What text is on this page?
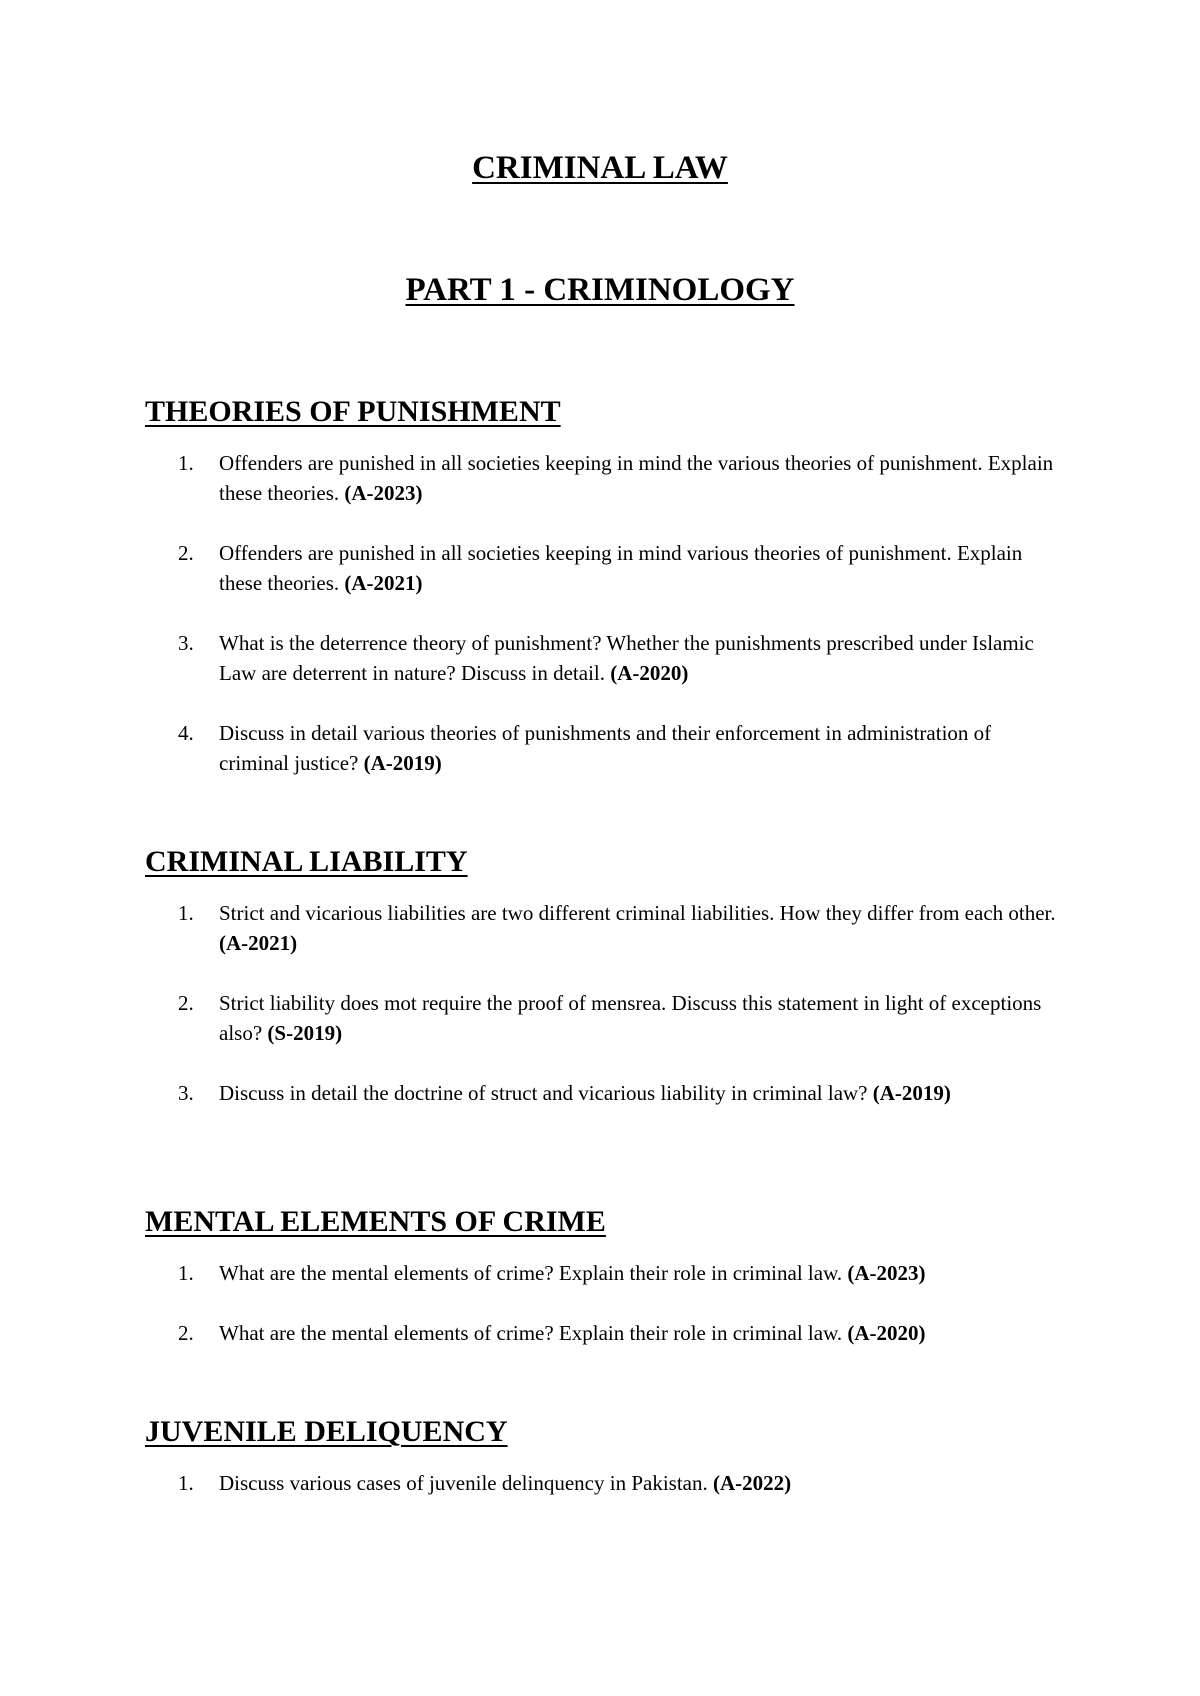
CRIMINAL LAW
PART 1 - CRIMINOLOGY
THEORIES OF PUNISHMENT
1.	Offenders are punished in all societies keeping in mind the various theories of punishment. Explain these theories. (A-2023)
2.	Offenders are punished in all societies keeping in mind various theories of punishment. Explain these theories. (A-2021)
3.	What is the deterrence theory of punishment? Whether the punishments prescribed under Islamic Law are deterrent in nature? Discuss in detail. (A-2020)
4.	Discuss in detail various theories of punishments and their enforcement in administration of criminal justice? (A-2019)
CRIMINAL LIABILITY
1.	Strict and vicarious liabilities are two different criminal liabilities. How they differ from each other. (A-2021)
2.	Strict liability does mot require the proof of mensrea. Discuss this statement in light of exceptions also? (S-2019)
3.	Discuss in detail the doctrine of struct and vicarious liability in criminal law? (A-2019)
MENTAL ELEMENTS OF CRIME
1.	What are the mental elements of crime? Explain their role in criminal law. (A-2023)
2.	What are the mental elements of crime? Explain their role in criminal law. (A-2020)
JUVENILE DELIQUENCY
1.	Discuss various cases of juvenile delinquency in Pakistan. (A-2022)
